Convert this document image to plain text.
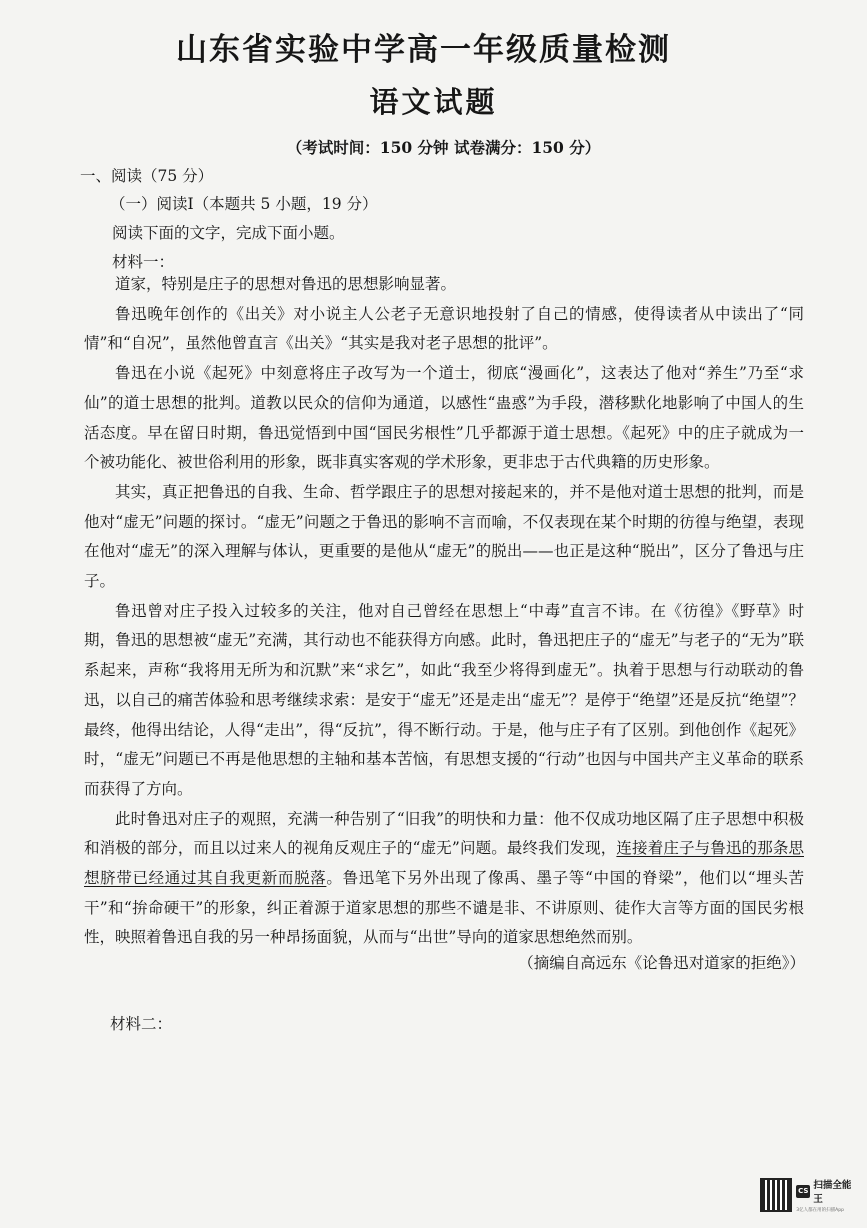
山东省实验中学高一年级质量检测
语文试题
（考试时间：150 分钟 试卷满分：150 分）
一、阅读（75 分）
（一）阅读Ⅰ（本题共 5 小题，19 分）
阅读下面的文字，完成下面小题。
材料一：

道家，特别是庄子的思想对鲁迅的思想影响显著。

鲁迅晚年创作的《出关》对小说主人公老子无意识地投射了自己的情感，使得读者从中读出了“同情”和“自况”，虽然他曾直言《出关》“其实是我对老子思想的批评”。

鲁迅在小说《起死》中刻意将庄子改写为一个道士，彻底“漫画化”，这表达了他对“养生”乃至“求仙”的道士思想的批判。道教以民众的信仰为通道，以感性“蛊惑”为手段，潜移默化地影响了中国人的生活态度。早在留日时期，鲁迅觉悟到中国“国民劣根性”几乎都源于道士思想。《起死》中的庄子就成为一个被功能化、被世俗利用的形象，既非真实客观的学术形象，更非忠于古代典籍的历史形象。

其实，真正把鲁迅的自我、生命、哲学跟庄子的思想对接起来的，并不是他对道士思想的批判，而是他对“虚无”问题的探讨。“虚无”问题之于鲁迅的影响不言而喻，不仅表现在某个时期的彷徨与绝望，表现在他对“虚无”的深入理解与体认，更重要的是他从“虚无”的脱出——也正是这种“脱出”，区分了鲁迅与庄子。

鲁迅曾对庄子投入过较多的关注，他对自己曾经在思想上“中毒”直言不讳。在《彷徨》《野草》时期，鲁迅的思想被“虚无”充满，其行动也不能获得方向感。此时，鲁迅把庄子的“虚无”与老子的“无为”联系起来，声称“我将用无所为和沉默”来“求乞”，如此“我至少将得到虚无”。执着于思想与行动联动的鲁迅，以自己的痛苦体验和思考继续求索：是安于“虚无”还是走出“虚无”？是停于“绝望”还是反抗“绝望”？最终，他得出结论，人得“走出”，得“反抗”，得不断行动。于是，他与庄子有了区别。到他创作《起死》时，“虚无”问题已不再是他思想的主轴和基本苦恼，有思想支援的“行动”也因与中国共产主义革命的联系而获得了方向。

此时鲁迅对庄子的观照，充满一种告别了“旧我”的明快和力量：他不仅成功地区隔了庄子思想中积极和消极的部分，而且以过来人的视角反观庄子的“虚无”问题。最终我们发现，连接着庄子与鲁迅的那条思想脐带已经通过其自我更新而脱落。鲁迅笔下另外出现了像禹、墨子等“中国的脊梁”，他们以“埋头苦干”和“拚命硬干”的形象，纠正着源于道家思想的那些不谴是非、不讲原则、徒作大言等方面的国民劣根性，映照着鲁迅自我的另一种昂扬面貌，从而与“出世”导向的道家思想绝然而别。

（摘编自高远东《论鲁迅对道家的拒绝》）
材料二：
CS 扫描全能王
3亿人都在用的扫描App
